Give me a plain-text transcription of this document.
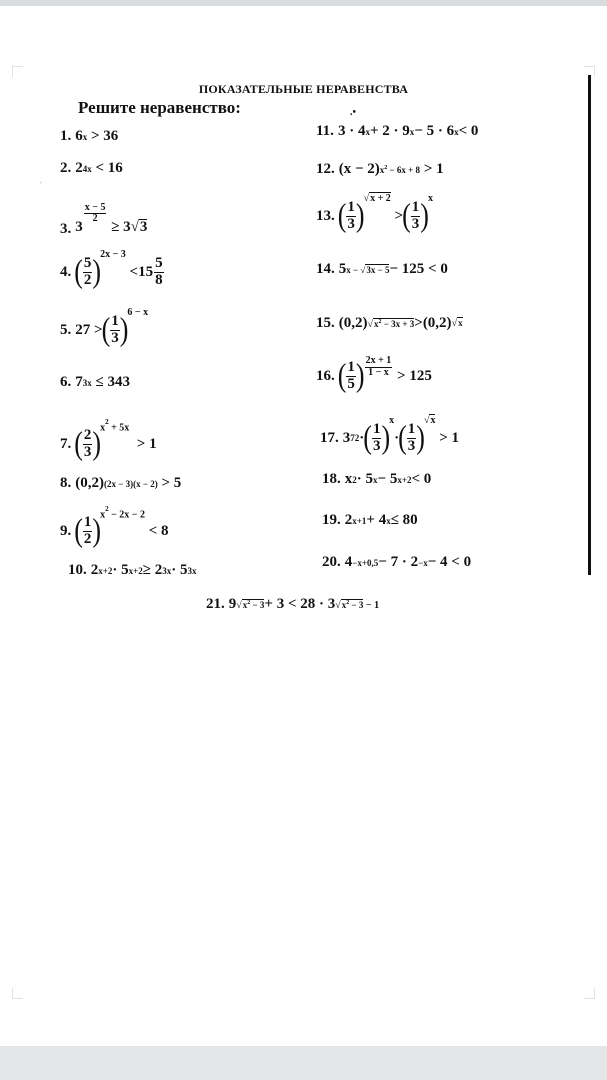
.•
⸴
ПОКАЗАТЕЛЬНЫЕ НЕРАВЕНСТВА
Решите неравенство:
1. 6 x
> 36
2. 2 4x
< 16
3. 3
$\frac{x - 5}{2}$

≥ 3 √ 3
4. ( $\frac{5}{2}$ ) 2x − 3

$<15 \frac{5}{8}$
5. 27 > ( $\frac{1}{3}$ ) 6 − x
6. 7 3x
≤ 343
7. ( $\frac{2}{3}$ ) $x^2 + 5x$

> 1
8. (0,2) (2x − 3)(x − 2)
> 5
9. ( $\frac{1}{2}$ ) $x^2 - 2x - 2$

< 8
10. 2 x+2 · 5 x+2 ≥ 2 3x · 5 3x
11. 3 · 4 x + 2 · 9 x − 5 · 6 x < 0
12. (x − 2) $x^2 - 6x + 8$
> 1
13. ( $\frac{1}{3}$ ) √x + 2

> ( $\frac{1}{3}$ ) x
14. 5 x − √3x − 5 − 125 < 0
15. (0,2) $√x^2 - 3x + 3 >(0,2)$ √x
16. ( $\frac{1}{5}$ ) $\frac{2x + 1}{1 - x}$
> 125
17. 3 72 · ( $\frac{1}{3}$ ) x
· ( $\frac{1}{3}$ ) √x

> 1
18. x 2 · 5 x − 5 x+2 < 0
19. 2 x+1 + 4 x ≤ 80
20. 4 −x+0,5 − 7 · 2 −x − 4 < 0
21. 9 $√x^2 - 3 + 3 < 28 \cdot 3$ $√x^2 - 3 - 1$
